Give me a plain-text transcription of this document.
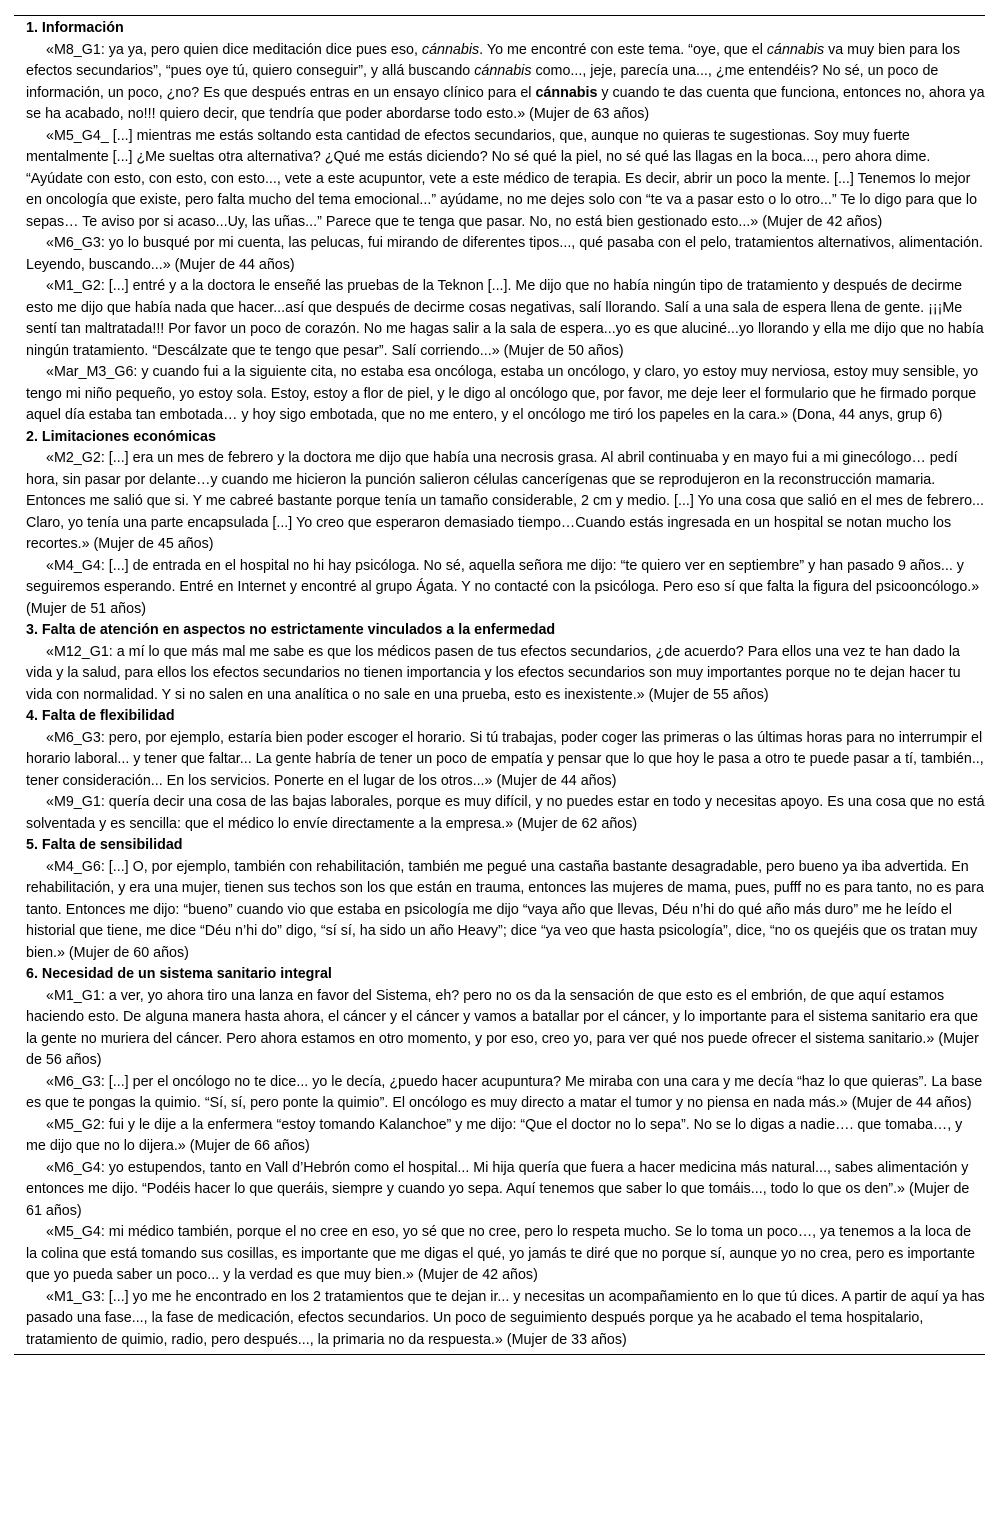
1. Información

«M8_G1: ya ya, pero quien dice meditación dice pues eso, cánnabis. Yo me encontré con este tema. “oye, que el cánnabis va muy bien para los efectos secundarios”, “pues oye tú, quiero conseguir”, y allá buscando cánnabis como..., jeje, parecía una..., ¿me entendéis? No sé, un poco de información, un poco, ¿no? Es que después entras en un ensayo clínico para el cánnabis y cuando te das cuenta que funciona, entonces no, ahora ya se ha acabado, no!!! quiero decir, que tendría que poder abordarse todo esto.» (Mujer de 63 años)

«M5_G4_ [...] mientras me estás soltando esta cantidad de efectos secundarios, que, aunque no quieras te sugestionas. Soy muy fuerte mentalmente [...] ¿Me sueltas otra alternativa? ¿Qué me estás diciendo? No sé qué la piel, no sé qué las llagas en la boca..., pero ahora dime. “Ayúdate con esto, con esto, con esto..., vete a este acupuntor, vete a este médico de terapia. Es decir, abrir un poco la mente. [...] Tenemos lo mejor en oncología que existe, pero falta mucho del tema emocional...” ayúdame, no me dejes solo con “te va a pasar esto o lo otro...” Te lo digo para que lo sepas… Te aviso por si acaso...Uy, las uñas...” Parece que te tenga que pasar. No, no está bien gestionado esto...» (Mujer de 42 años)

«M6_G3: yo lo busqué por mi cuenta, las pelucas, fui mirando de diferentes tipos..., qué pasaba con el pelo, tratamientos alternativos, alimentación. Leyendo, buscando...» (Mujer de 44 años)

«M1_G2: [...] entré y a la doctora le enseñé las pruebas de la Teknon [...]. Me dijo que no había ningún tipo de tratamiento y después de decirme esto me dijo que había nada que hacer...así que después de decirme cosas negativas, salí llorando. Salí a una sala de espera llena de gente. ¡¡¡Me sentí tan maltratada!!! Por favor un poco de corazón. No me hagas salir a la sala de espera...yo es que aluciné...yo llorando y ella me dijo que no había ningún tratamiento. “Descálzate que te tengo que pesar”. Salí corriendo...» (Mujer de 50 años)

«Mar_M3_G6: y cuando fui a la siguiente cita, no estaba esa oncóloga, estaba un oncólogo, y claro, yo estoy muy nerviosa, estoy muy sensible, yo tengo mi niño pequeño, yo estoy sola. Estoy, estoy a flor de piel, y le digo al oncólogo que, por favor, me deje leer el formulario que he firmado porque aquel día estaba tan embotada… y hoy sigo embotada, que no me entero, y el oncólogo me tiró los papeles en la cara.» (Dona, 44 anys, grup 6)

2. Limitaciones económicas

«M2_G2: [...] era un mes de febrero y la doctora me dijo que había una necrosis grasa. Al abril continuaba y en mayo fui a mi ginecólogo… pedí hora, sin pasar por delante…y cuando me hicieron la punción salieron células cancerígenas que se reprodujeron en la reconstrucción mamaria. Entonces me salió que si. Y me cabreé bastante porque tenía un tamaño considerable, 2 cm y medio. [...] Yo una cosa que salió en el mes de febrero... Claro, yo tenía una parte encapsulada [...] Yo creo que esperaron demasiado tiempo…Cuando estás ingresada en un hospital se notan mucho los recortes.» (Mujer de 45 años)

«M4_G4: [...] de entrada en el hospital no hi hay psicóloga. No sé, aquella señora me dijo: “te quiero ver en septiembre” y han pasado 9 años... y seguiremos esperando. Entré en Internet y encontré al grupo Ágata. Y no contacté con la psicóloga. Pero eso sí que falta la figura del psicooncólogo.» (Mujer de 51 años)

3. Falta de atención en aspectos no estrictamente vinculados a la enfermedad

«M12_G1: a mí lo que más mal me sabe es que los médicos pasen de tus efectos secundarios, ¿de acuerdo? Para ellos una vez te han dado la vida y la salud, para ellos los efectos secundarios no tienen importancia y los efectos secundarios son muy importantes porque no te dejan hacer tu vida con normalidad. Y si no salen en una analítica o no sale en una prueba, esto es inexistente.» (Mujer de 55 años)

4. Falta de flexibilidad

«M6_G3: pero, por ejemplo, estaría bien poder escoger el horario. Si tú trabajas, poder coger las primeras o las últimas horas para no interrumpir el horario laboral... y tener que faltar... La gente habría de tener un poco de empatía y pensar que lo que hoy le pasa a otro te puede pasar a tí, también.., tener consideración... En los servicios. Ponerte en el lugar de los otros...» (Mujer de 44 años)

«M9_G1: quería decir una cosa de las bajas laborales, porque es muy difícil, y no puedes estar en todo y necesitas apoyo. Es una cosa que no está solventada y es sencilla: que el médico lo envíe directamente a la empresa.» (Mujer de 62 años)

5. Falta de sensibilidad

«M4_G6: [...] O, por ejemplo, también con rehabilitación, también me pegué una castaña bastante desagradable, pero bueno ya iba advertida. En rehabilitación, y era una mujer, tienen sus techos son los que están en trauma, entonces las mujeres de mama, pues, pufff no es para tanto, no es para tanto. Entonces me dijo: “bueno” cuando vio que estaba en psicología me dijo “vaya año que llevas, Déu n’hi do qué año más duro” me he leído el historial que tiene, me dice “Déu n’hi do” digo, “sí sí, ha sido un año Heavy”; dice “ya veo que hasta psicología”, dice, “no os quejéis que os tratan muy bien.» (Mujer de 60 años)

6. Necesidad de un sistema sanitario integral

«M1_G1: a ver, yo ahora tiro una lanza en favor del Sistema, eh? pero no os da la sensación de que esto es el embrión, de que aquí estamos haciendo esto. De alguna manera hasta ahora, el cáncer y el cáncer y vamos a batallar por el cáncer, y lo importante para el sistema sanitario era que la gente no muriera del cáncer. Pero ahora estamos en otro momento, y por eso, creo yo, para ver qué nos puede ofrecer el sistema sanitario.» (Mujer de 56 años)

«M6_G3: [...] per el oncólogo no te dice... yo le decía, ¿puedo hacer acupuntura? Me miraba con una cara y me decía “haz lo que quieras”. La base es que te pongas la quimio. “Sí, sí, pero ponte la quimio”. El oncólogo es muy directo a matar el tumor y no piensa en nada más.» (Mujer de 44 años)

«M5_G2: fui y le dije a la enfermera “estoy tomando Kalanchoe” y me dijo: “Que el doctor no lo sepa”. No se lo digas a nadie…. que tomaba…, y me dijo que no lo dijera.» (Mujer de 66 años)

«M6_G4: yo estupendos, tanto en Vall d’Hebrón como el hospital... Mi hija quería que fuera a hacer medicina más natural..., sabes alimentación y entonces me dijo. “Podéis hacer lo que queráis, siempre y cuando yo sepa. Aquí tenemos que saber lo que tomáis..., todo lo que os den”.» (Mujer de 61 años)

«M5_G4: mi médico también, porque el no cree en eso, yo sé que no cree, pero lo respeta mucho. Se lo toma un poco…, ya tenemos a la loca de la colina que está tomando sus cosillas, es importante que me digas el qué, yo jamás te diré que no porque sí, aunque yo no crea, pero es importante que yo pueda saber un poco... y la verdad es que muy bien.» (Mujer de 42 años)

«M1_G3: [...] yo me he encontrado en los 2 tratamientos que te dejan ir... y necesitas un acompañamiento en lo que tú dices. A partir de aquí ya has pasado una fase..., la fase de medicación, efectos secundarios. Un poco de seguimiento después porque ya he acabado el tema hospitalario, tratamiento de quimio, radio, pero después..., la primaria no da respuesta.» (Mujer de 33 años)
